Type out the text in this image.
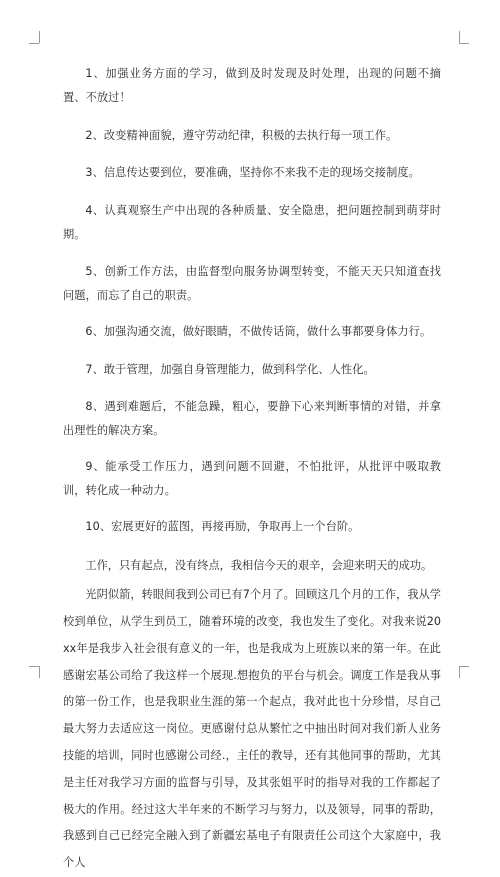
1、加强业务方面的学习，做到及时发现及时处理，出现的问题不摘置、不放过！

2、改变精神面貌，遵守劳动纪律，积极的去执行每一项工作。

3、信息传达要到位，要准确，坚持你不来我不走的现场交接制度。

4、认真观察生产中出现的各种质量、安全隐患，把问题控制到萌芽时期。

5、创新工作方法，由监督型向服务协调型转变，不能天天只知道查找问题，而忘了自己的职责。

6、加强沟通交流，做好眼睛，不做传话筒，做什么事都要身体力行。

7、敢于管理，加强自身管理能力，做到科学化、人性化。

8、遇到难题后，不能急躁，粗心，要静下心来判断事情的对错，并拿出理性的解决方案。

9、能承受工作压力，遇到问题不回避，不怕批评，从批评中吸取教训，转化成一种动力。

10、宏展更好的蓝图，再接再励，争取再上一个台阶。

工作，只有起点，没有终点，我相信今天的艰辛，会迎来明天的成功。

光阴似箭，转眼间我到公司已有7个月了。回顾这几个月的工作，我从学校到单位，从学生到员工，随着环境的改变，我也发生了变化。对我来说20xx年是我步入社会很有意义的一年，也是我成为上班族以来的第一年。在此感谢宏基公司给了我这样一个展现.想抱负的平台与机会。调度工作是我从事的第一份工作，也是我职业生涯的第一个起点，我对此也十分珍惜，尽自己最大努力去适应这一岗位。更感谢付总从繁忙之中抽出时间对我们新人业务技能的培训，同时也感谢公司经.，主任的教导，还有其他同事的帮助，尤其是主任对我学习方面的监督与引导，及其张姐平时的指导对我的工作都起了极大的作用。经过这大半年来的不断学习与努力，以及领导，同事的帮助，我感到自己已经完全融入到了新疆宏基电子有限责任公司这个大家庭中，我个人
